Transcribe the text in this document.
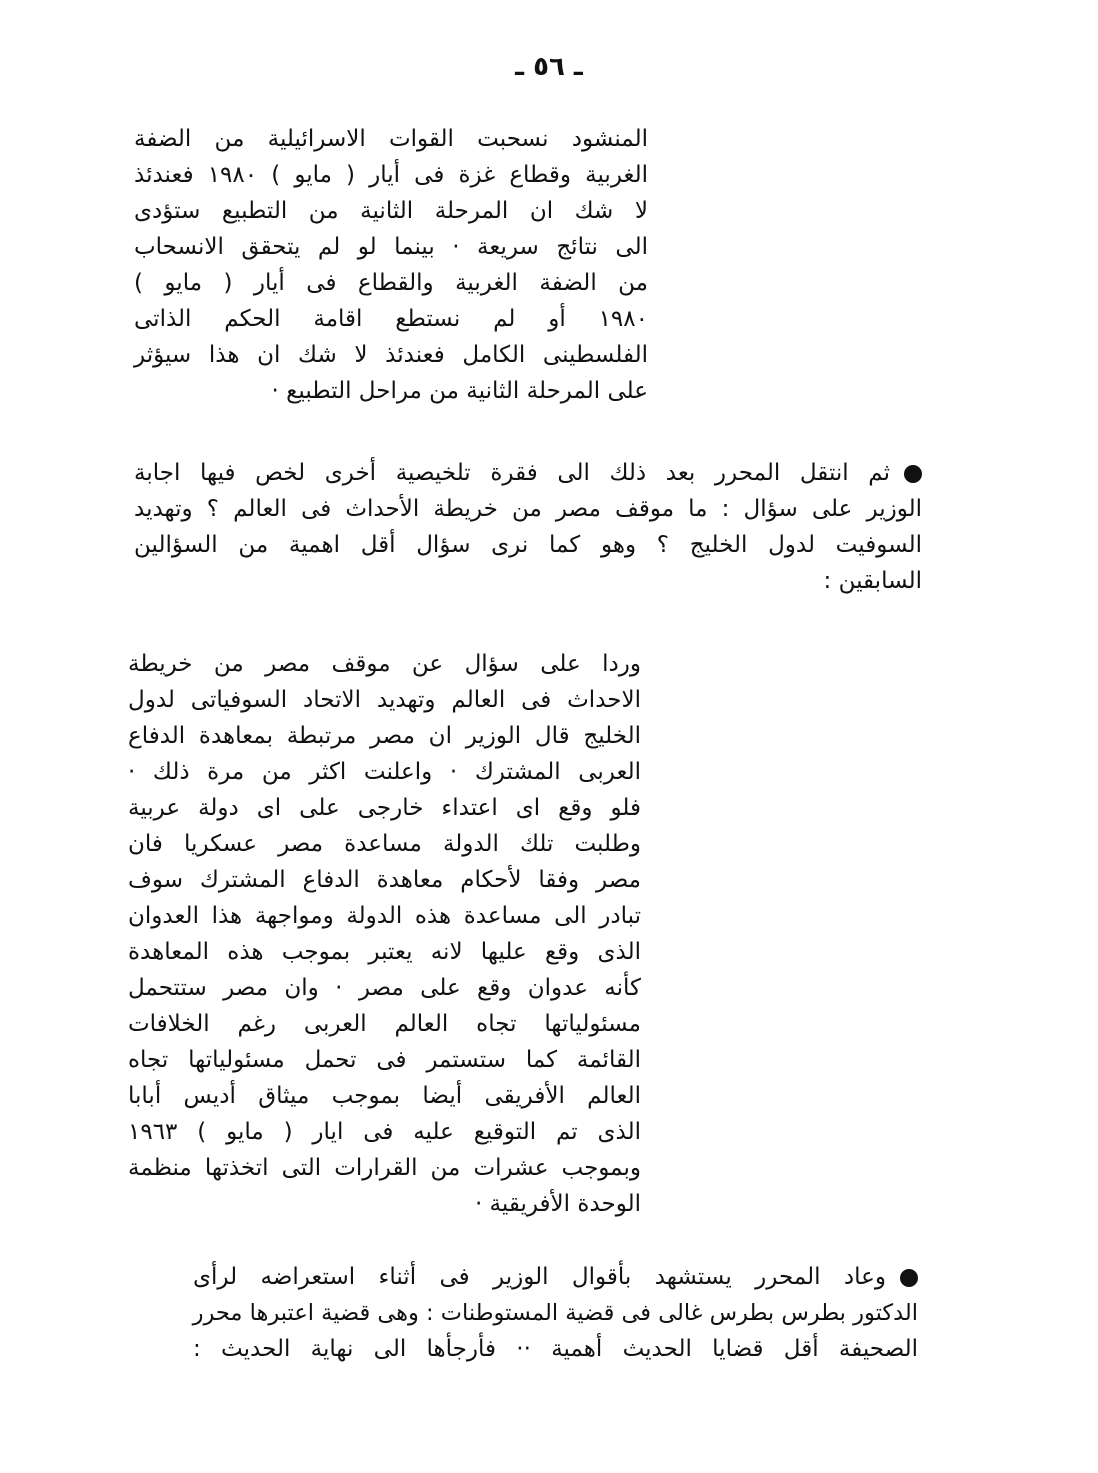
ـ ٥٦ ـ
المنشود نسحبت القوات الاسرائيلية من الضفة
الغربية وقطاع غزة فى أيار ( مايو ) ١٩٨٠ فعندئذ
لا شك ان المرحلة الثانية من التطبيع ستؤدى
الى نتائج سريعة · بينما لو لم يتحقق الانسحاب
من الضفة الغربية والقطاع فى أيار ( مايو )
١٩٨٠ أو لم نستطع اقامة الحكم الذاتى
الفلسطينى الكامل فعندئذ لا شك ان هذا سيؤثر
على المرحلة الثانية من مراحل التطبيع ·
ثم انتقل المحرر بعد ذلك الى فقرة تلخيصية أخرى لخص فيها اجابة
الوزير على سؤال : ما موقف مصر من خريطة الأحداث فى العالم ؟ وتهديد
السوفيت لدول الخليج ؟ وهو كما نرى سؤال أقل اهمية من السؤالين
السابقين :
وردا على سؤال عن موقف مصر من خريطة
الاحداث فى العالم وتهديد الاتحاد السوفياتى لدول
الخليج قال الوزير ان مصر مرتبطة بمعاهدة الدفاع
العربى المشترك · واعلنت اكثر من مرة ذلك ·
فلو وقع اى اعتداء خارجى على اى دولة عربية
وطلبت تلك الدولة مساعدة مصر عسكريا فان
مصر وفقا لأحكام معاهدة الدفاع المشترك سوف
تبادر الى مساعدة هذه الدولة ومواجهة هذا العدوان
الذى وقع عليها لانه يعتبر بموجب هذه المعاهدة
كأنه عدوان وقع على مصر · وان مصر ستتحمل
مسئولياتها تجاه العالم العربى رغم الخلافات
القائمة كما ستستمر فى تحمل مسئولياتها تجاه
العالم الأفريقى أيضا بموجب ميثاق أديس أبابا
الذى تم التوقيع عليه فى ايار ( مايو ) ١٩٦٣
وبموجب عشرات من القرارات التى اتخذتها منظمة
الوحدة الأفريقية ·
وعاد المحرر يستشهد بأقوال الوزير فى أثناء استعراضه لرأى
الدكتور بطرس بطرس غالى فى قضية المستوطنات : وهى قضية اعتبرها محرر
الصحيفة أقل قضايا الحديث أهمية ·· فأرجأها الى نهاية الحديث :
